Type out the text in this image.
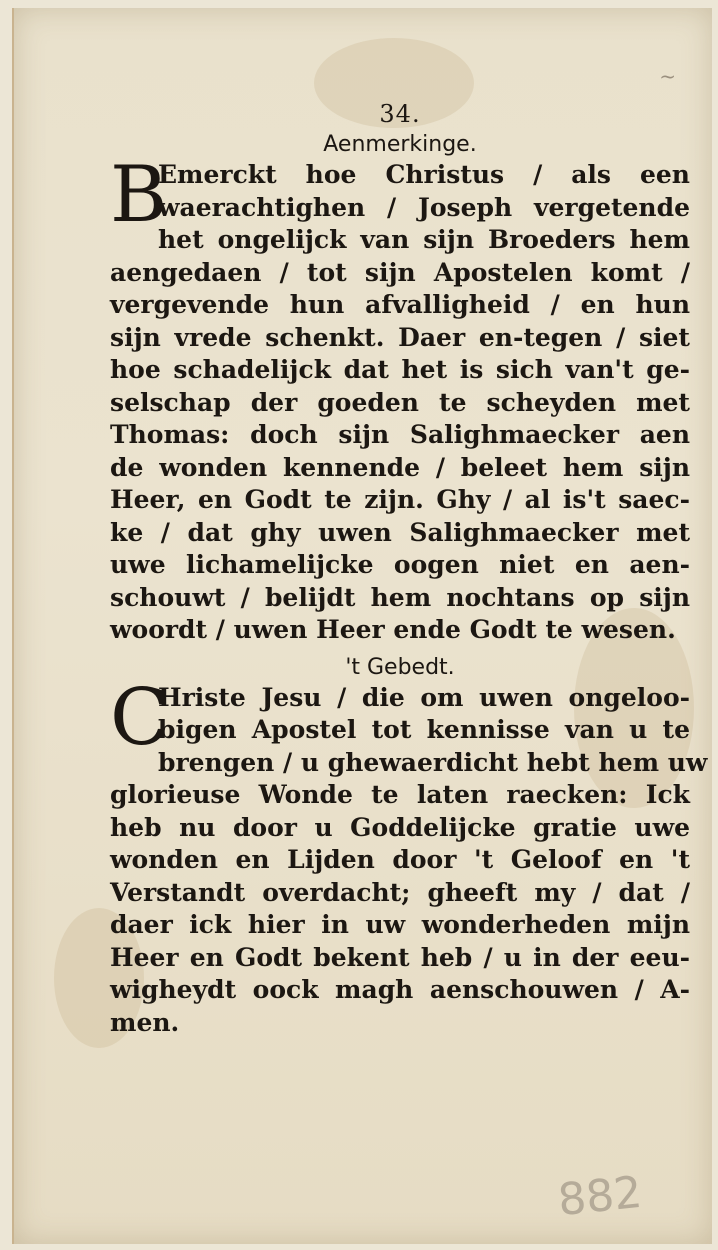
~
34.
Aenmerkinge.
B
Emerckt hoe Christus / als een
waerachtighen / Joseph vergetende
het ongelijck van sijn Broeders hem
aengedaen / tot sijn Apostelen komt /
vergevende hun afvalligheid / en hun
sijn vrede schenkt. Daer en-tegen / siet
hoe schadelijck dat het is sich van't ge-
selschap der goeden te scheyden met
Thomas: doch sijn Salighmaecker aen
de wonden kennende / beleet hem sijn
Heer, en Godt te zijn. Ghy / al is't saec-
ke / dat ghy uwen Salighmaecker met
uwe lichamelijcke oogen niet en aen-
schouwt / belijdt hem nochtans op sijn
woordt / uwen Heer ende Godt te wesen.
't Gebedt.
C
Hriste Jesu / die om uwen ongeloo-
bigen Apostel tot kennisse van u te
brengen / u ghewaerdicht hebt hem uw
glorieuse Wonde te laten raecken: Ick
heb nu door u Goddelijcke gratie uwe
wonden en Lijden door 't Geloof en 't
Verstandt overdacht; gheeft my / dat /
daer ick hier in uw wonderheden mijn
Heer en Godt bekent heb / u in der eeu-
wigheydt oock magh aenschouwen / A-
men.
882
